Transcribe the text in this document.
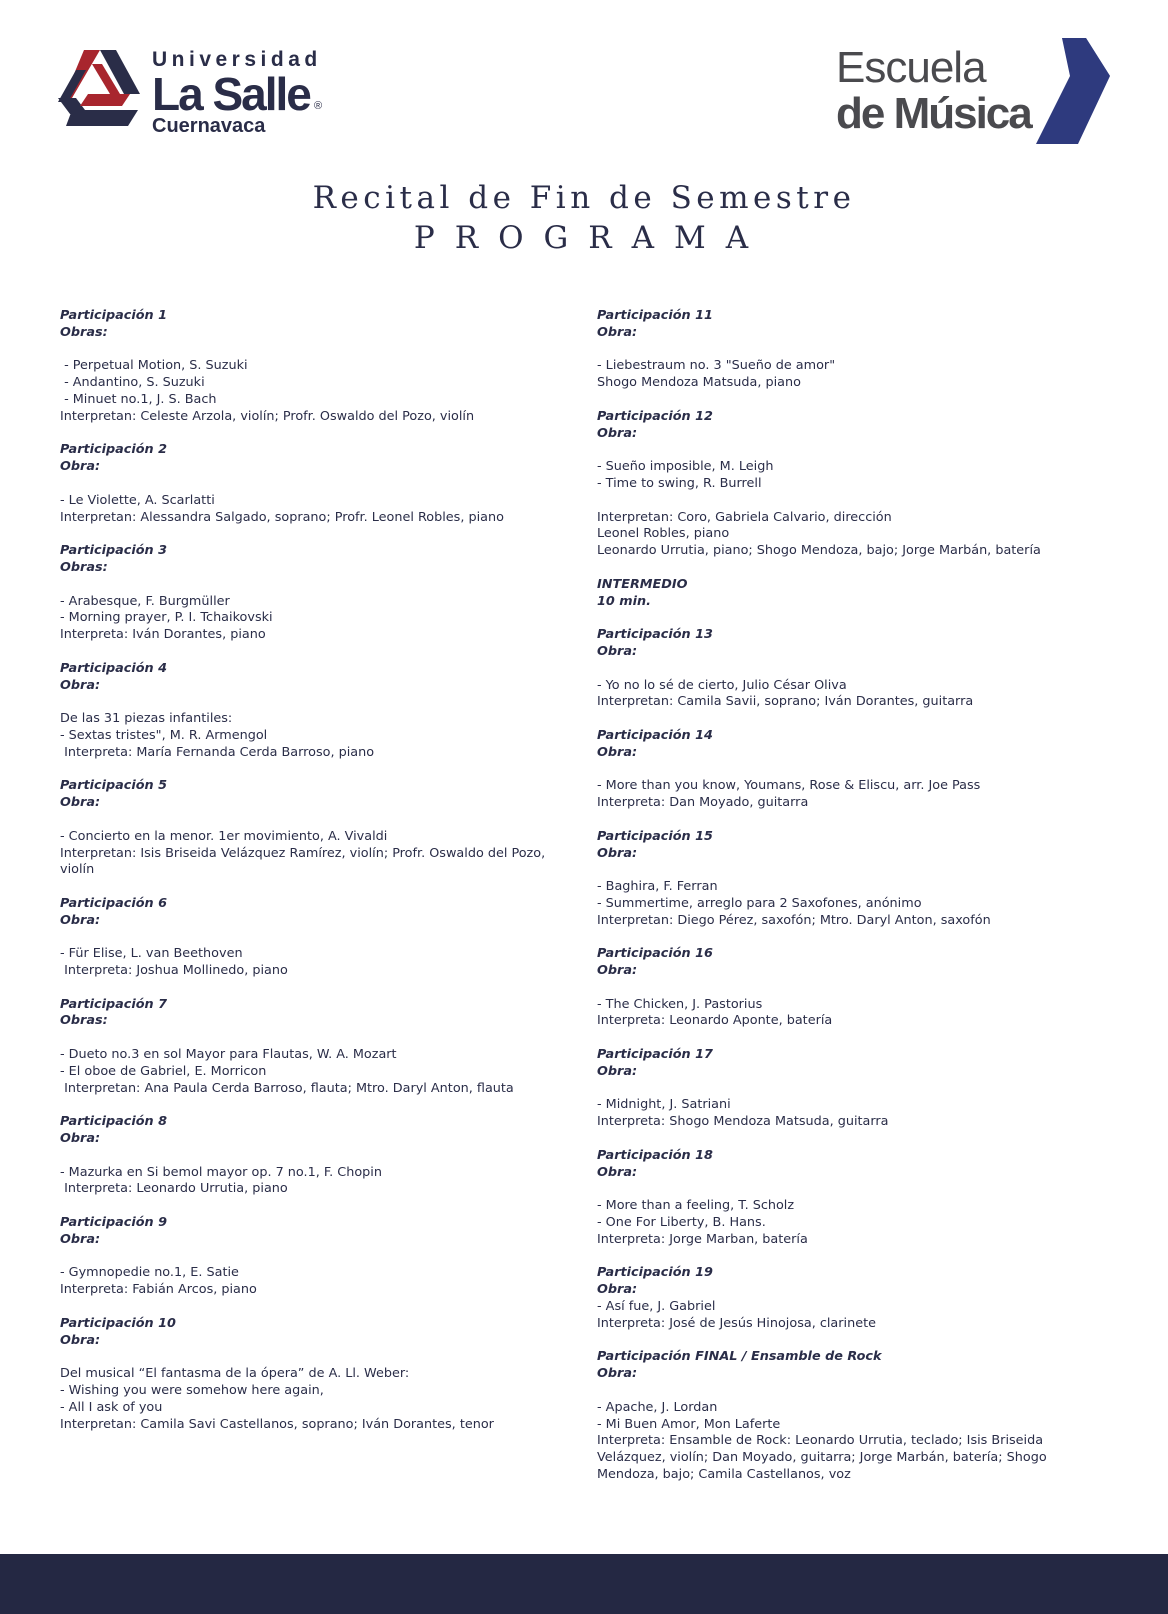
Universidad
La Salle
Cuernavaca
®
Escuela
de Música
Recital de Fin de Semestre
PROGRAMA
Participación 1
Obras:
- Perpetual Motion, S. Suzuki
- Andantino, S. Suzuki
- Minuet no.1, J. S. Bach
Interpretan: Celeste Arzola, violín; Profr. Oswaldo del Pozo, violín
Participación 2
Obra:
- Le Violette, A. Scarlatti
Interpretan: Alessandra Salgado, soprano; Profr. Leonel Robles, piano
Participación 3
Obras:
- Arabesque, F. Burgmüller
- Morning prayer, P. I. Tchaikovski
Interpreta: Iván Dorantes, piano
Participación 4
Obra:
De las 31 piezas infantiles:
- Sextas tristes", M. R. Armengol
Interpreta: María Fernanda Cerda Barroso, piano
Participación 5
Obra:
- Concierto en la menor. 1er movimiento, A. Vivaldi
Interpretan: Isis Briseida Velázquez Ramírez, violín; Profr. Oswaldo del Pozo, violín
Participación 6
Obra:
- Für Elise, L. van Beethoven
Interpreta: Joshua Mollinedo, piano
Participación 7
Obras:
- Dueto no.3 en sol Mayor para Flautas, W. A. Mozart
- El oboe de Gabriel, E. Morricon
Interpretan: Ana Paula Cerda Barroso, flauta; Mtro. Daryl Anton, flauta
Participación 8
Obra:
- Mazurka en Si bemol mayor op. 7 no.1, F. Chopin
Interpreta: Leonardo Urrutia, piano
Participación 9
Obra:
- Gymnopedie no.1, E. Satie
Interpreta: Fabián Arcos, piano
Participación 10
Obra:
Del musical “El fantasma de la ópera” de A. Ll. Weber:
- Wishing you were somehow here again,
- All I ask of you
Interpretan: Camila Savi Castellanos, soprano; Iván Dorantes, tenor
Participación 11
Obra:
- Liebestraum no. 3 "Sueño de amor"
Shogo Mendoza Matsuda, piano
Participación 12
Obra:
- Sueño imposible, M. Leigh
- Time to swing, R. Burrell
Interpretan: Coro, Gabriela Calvario, dirección
Leonel Robles, piano
Leonardo Urrutia, piano; Shogo Mendoza, bajo; Jorge Marbán, batería
INTERMEDIO
10 min.
Participación 13
Obra:
- Yo no lo sé de cierto, Julio César Oliva
Interpretan: Camila Savii, soprano; Iván Dorantes, guitarra
Participación 14
Obra:
- More than you know, Youmans, Rose & Eliscu, arr. Joe Pass
Interpreta: Dan Moyado, guitarra
Participación 15
Obra:
- Baghira, F. Ferran
- Summertime, arreglo para 2 Saxofones, anónimo
Interpretan: Diego Pérez, saxofón; Mtro. Daryl Anton, saxofón
Participación 16
Obra:
- The Chicken, J. Pastorius
Interpreta: Leonardo Aponte, batería
Participación 17
Obra:
- Midnight, J. Satriani
Interpreta: Shogo Mendoza Matsuda, guitarra
Participación 18
Obra:
- More than a feeling, T. Scholz
- One For Liberty, B. Hans.
Interpreta: Jorge Marban, batería
Participación 19
Obra:
- Así fue, J. Gabriel
Interpreta: José de Jesús Hinojosa, clarinete
Participación FINAL / Ensamble de Rock
Obra:
- Apache, J. Lordan
- Mi Buen Amor, Mon Laferte
Interpreta: Ensamble de Rock: Leonardo Urrutia, teclado; Isis Briseida Velázquez, violín; Dan Moyado, guitarra; Jorge Marbán, batería; Shogo Mendoza, bajo; Camila Castellanos, voz
